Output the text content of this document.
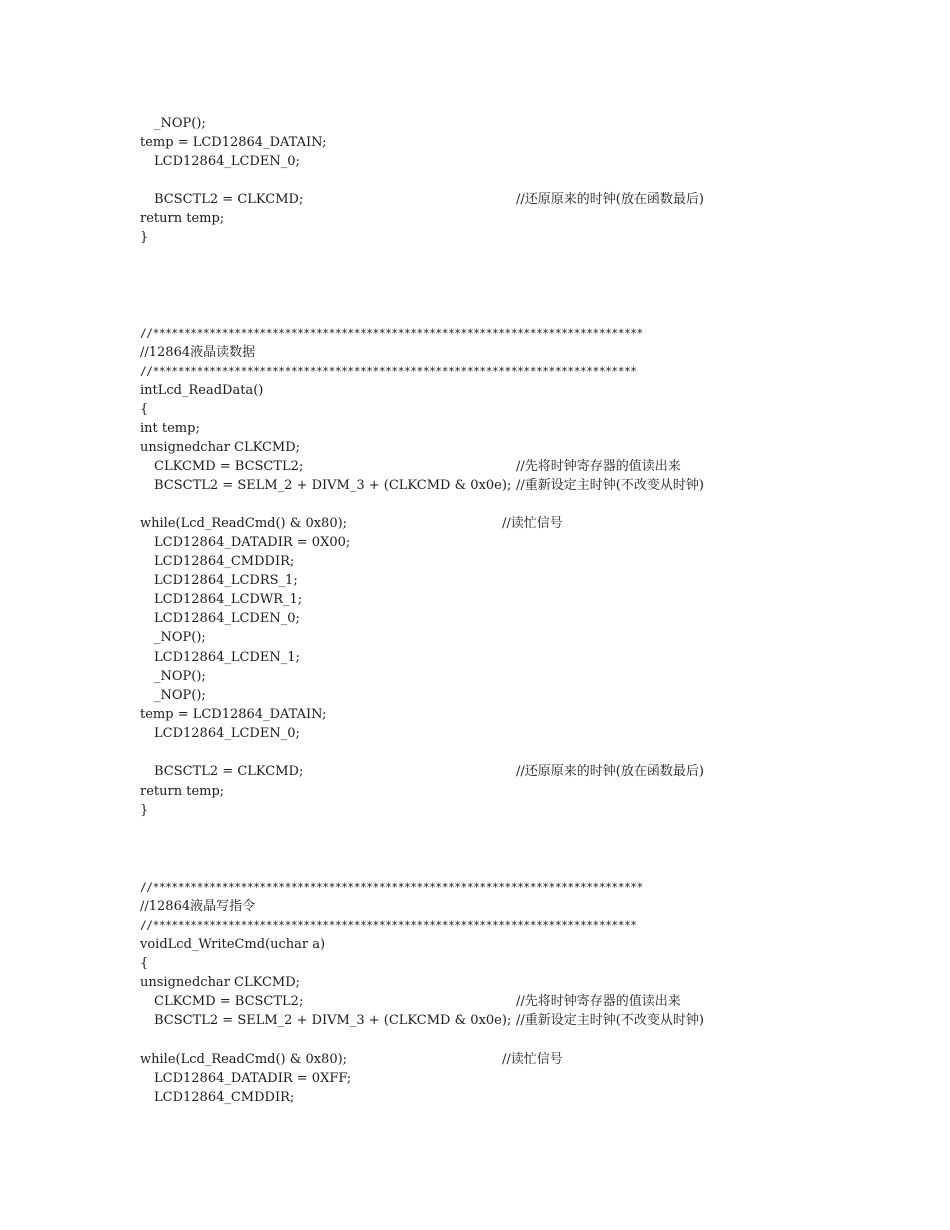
_NOP();
temp = LCD12864_DATAIN;
LCD12864_LCDEN_0;
BCSCTL2 = CLKCMD;	//还原原来的时钟(放在函数最后)
return temp;
}
//******************************************************************************
//12864液晶读数据
//*****************************************************************************
intLcd_ReadData()
{
int temp;
unsignedchar CLKCMD;
CLKCMD = BCSCTL2;	//先将时钟寄存器的值读出来
BCSCTL2 = SELM_2 + DIVM_3 + (CLKCMD & 0x0e); //重新设定主时钟(不改变从时钟)
while(Lcd_ReadCmd() & 0x80);	//读忙信号
LCD12864_DATADIR = 0X00;
LCD12864_CMDDIR;
LCD12864_LCDRS_1;
LCD12864_LCDWR_1;
LCD12864_LCDEN_0;
_NOP();
LCD12864_LCDEN_1;
_NOP();
_NOP();
temp = LCD12864_DATAIN;
LCD12864_LCDEN_0;
BCSCTL2 = CLKCMD;	//还原原来的时钟(放在函数最后)
return temp;
}
//******************************************************************************
//12864液晶写指令
//*****************************************************************************
voidLcd_WriteCmd(uchar a)
{
unsignedchar CLKCMD;
CLKCMD = BCSCTL2;	//先将时钟寄存器的值读出来
BCSCTL2 = SELM_2 + DIVM_3 + (CLKCMD & 0x0e); //重新设定主时钟(不改变从时钟)
while(Lcd_ReadCmd() & 0x80);	//读忙信号
LCD12864_DATADIR = 0XFF;
LCD12864_CMDDIR;
